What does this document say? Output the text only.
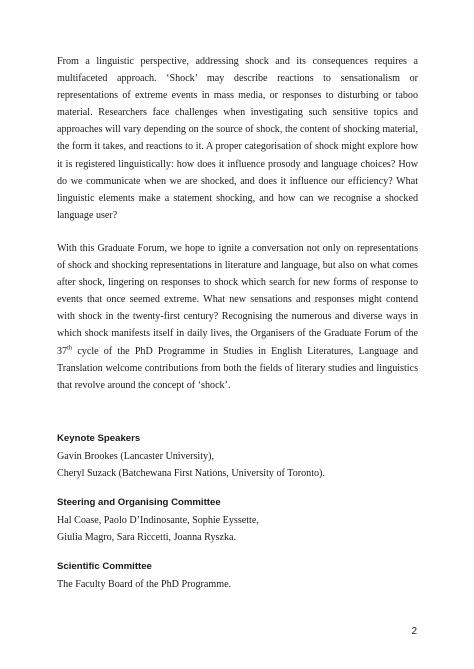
From a linguistic perspective, addressing shock and its consequences requires a multifaceted approach. ‘Shock’ may describe reactions to sensationalism or representations of extreme events in mass media, or responses to disturbing or taboo material. Researchers face challenges when investigating such sensitive topics and approaches will vary depending on the source of shock, the content of shocking material, the form it takes, and reactions to it. A proper categorisation of shock might explore how it is registered linguistically: how does it influence prosody and language choices? How do we communicate when we are shocked, and does it influence our efficiency? What linguistic elements make a statement shocking, and how can we recognise a shocked language user?

With this Graduate Forum, we hope to ignite a conversation not only on representations of shock and shocking representations in literature and language, but also on what comes after shock, lingering on responses to shock which search for new forms of response to events that once seemed extreme. What new sensations and responses might contend with shock in the twenty-first century? Recognising the numerous and diverse ways in which shock manifests itself in daily lives, the Organisers of the Graduate Forum of the 37th cycle of the PhD Programme in Studies in English Literatures, Language and Translation welcome contributions from both the fields of literary studies and linguistics that revolve around the concept of ‘shock’.

Keynote Speakers

Gavin Brookes (Lancaster University),

Cheryl Suzack (Batchewana First Nations, University of Toronto).

Steering and Organising Committee

Hal Coase, Paolo D’Indinosante, Sophie Eyssette,

Giulia Magro, Sara Riccetti, Joanna Ryszka.

Scientific Committee

The Faculty Board of the PhD Programme.

2
